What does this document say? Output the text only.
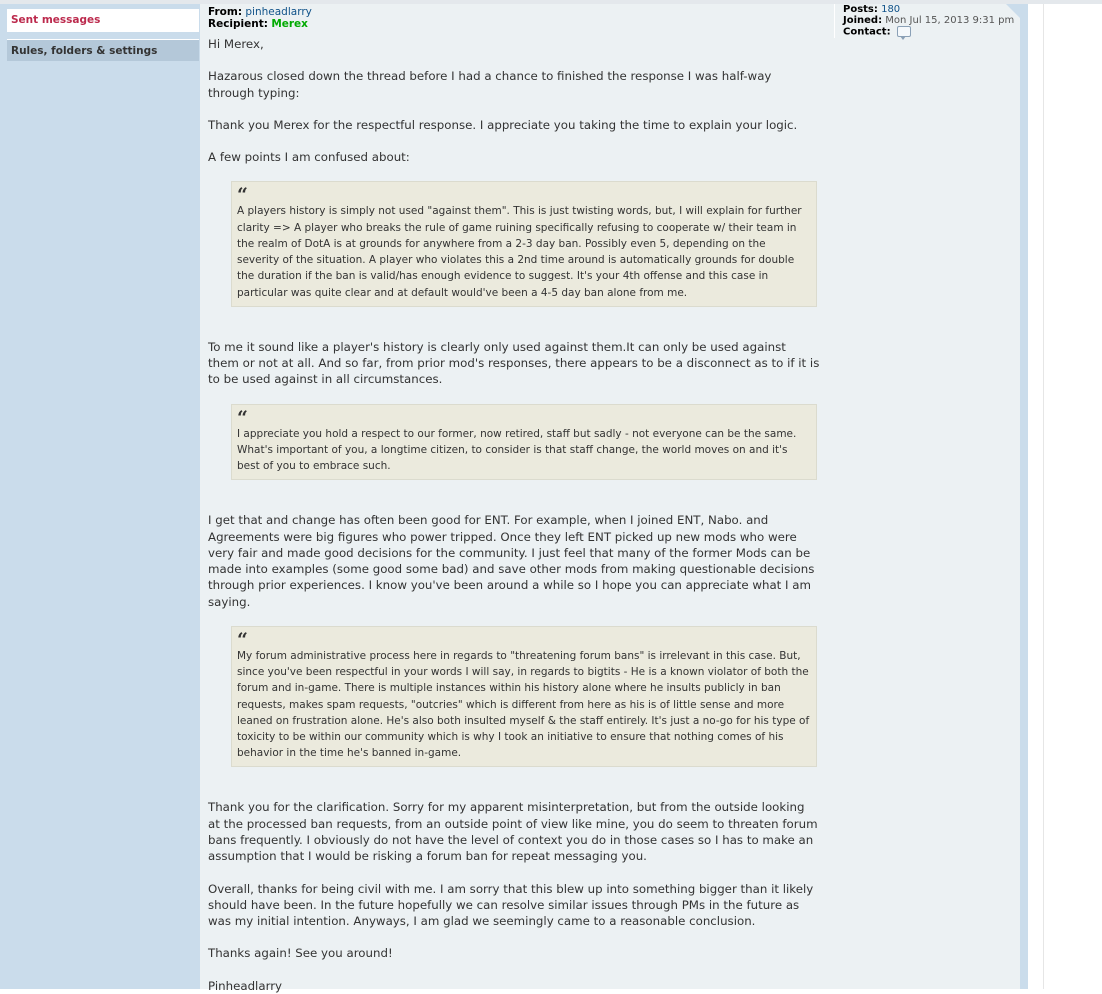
Sent messages
Rules, folders & settings
From: pinheadlarry
Recipient: Merex
Posts: 180
Joined: Mon Jul 15, 2013 9:31 pm
Contact:

Hi Merex,

Hazarous closed down the thread before I had a chance to finished the response I was half-way through typing:

Thank you Merex for the respectful response. I appreciate you taking the time to explain your logic.

A few points I am confused about:

“
A players history is simply not used "against them". This is just twisting words, but, I will explain for further clarity => A player who breaks the rule of game ruining specifically refusing to cooperate w/ their team in the realm of DotA is at grounds for anywhere from a 2-3 day ban. Possibly even 5, depending on the severity of the situation. A player who violates this a 2nd time around is automatically grounds for double the duration if the ban is valid/has enough evidence to suggest. It's your 4th offense and this case in particular was quite clear and at default would've been a 4-5 day ban alone from me.

To me it sound like a player's history is clearly only used against them.It can only be used against them or not at all. And so far, from prior mod's responses, there appears to be a disconnect as to if it is to be used against in all circumstances.

“
I appreciate you hold a respect to our former, now retired, staff but sadly - not everyone can be the same. What's important of you, a longtime citizen, to consider is that staff change, the world moves on and it's best of you to embrace such.

I get that and change has often been good for ENT. For example, when I joined ENT, Nabo. and Agreements were big figures who power tripped. Once they left ENT picked up new mods who were very fair and made good decisions for the community. I just feel that many of the former Mods can be made into examples (some good some bad) and save other mods from making questionable decisions through prior experiences. I know you've been around a while so I hope you can appreciate what I am saying.

“
My forum administrative process here in regards to "threatening forum bans" is irrelevant in this case. But, since you've been respectful in your words I will say, in regards to bigtits - He is a known violator of both the forum and in-game. There is multiple instances within his history alone where he insults publicly in ban requests, makes spam requests, "outcries" which is different from here as his is of little sense and more leaned on frustration alone. He's also both insulted myself & the staff entirely. It's just a no-go for his type of toxicity to be within our community which is why I took an initiative to ensure that nothing comes of his behavior in the time he's banned in-game.

Thank you for the clarification. Sorry for my apparent misinterpretation, but from the outside looking at the processed ban requests, from an outside point of view like mine, you do seem to threaten forum bans frequently. I obviously do not have the level of context you do in those cases so I has to make an assumption that I would be risking a forum ban for repeat messaging you.

Overall, thanks for being civil with me. I am sorry that this blew up into something bigger than it likely should have been. In the future hopefully we can resolve similar issues through PMs in the future as was my initial intention. Anyways, I am glad we seemingly came to a reasonable conclusion.

Thanks again! See you around!

Pinheadlarry
